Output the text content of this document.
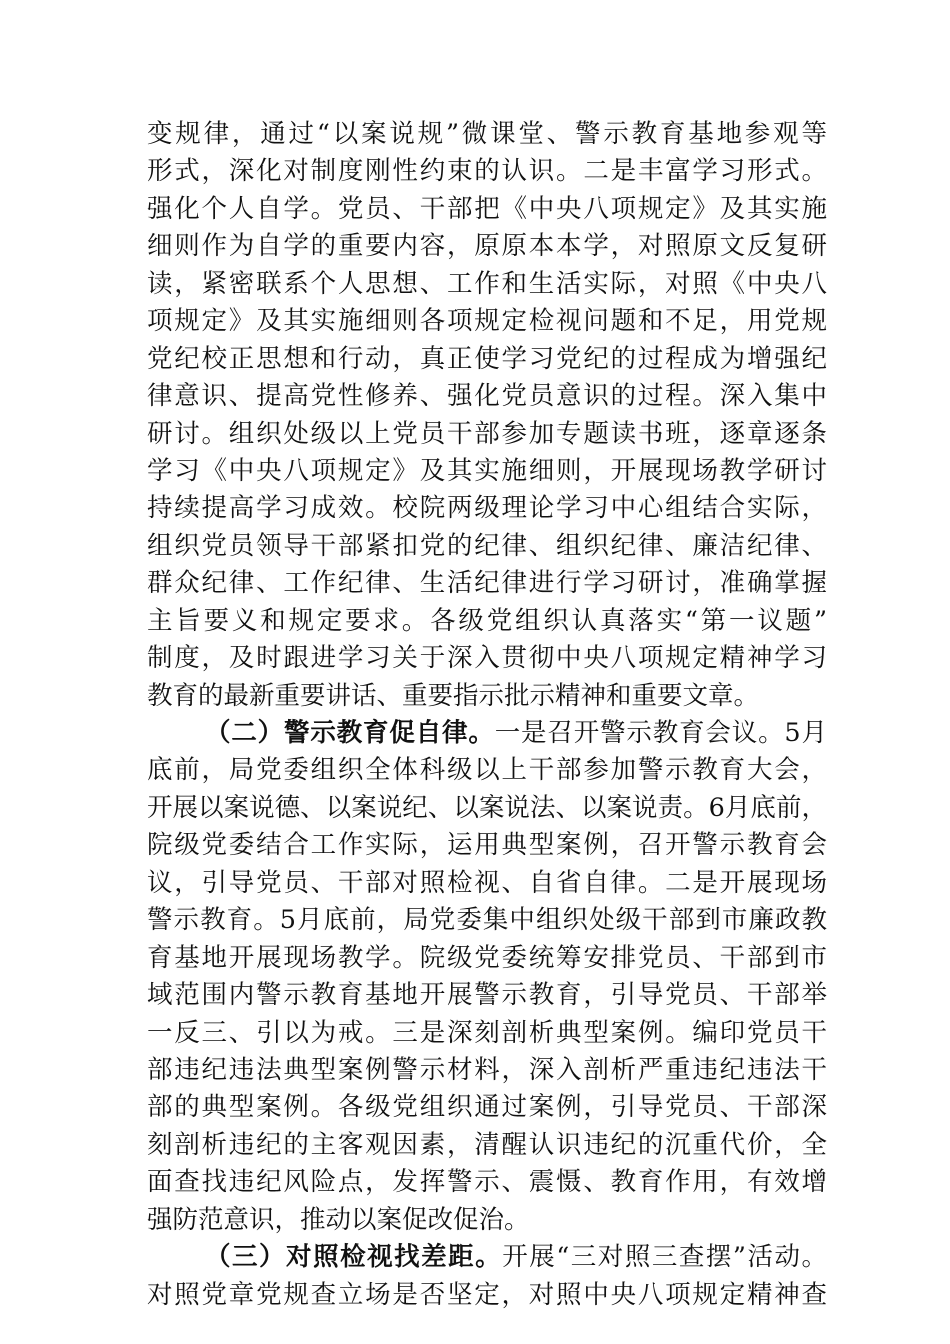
变规律，通过“以案说规”微课堂、警示教育基地参观等
形式，深化对制度刚性约束的认识。二是丰富学习形式。
强化个人自学。党员、干部把《中央八项规定》及其实施
细则作为自学的重要内容，原原本本学，对照原文反复研
读，紧密联系个人思想、工作和生活实际，对照《中央八
项规定》及其实施细则各项规定检视问题和不足，用党规
党纪校正思想和行动，真正使学习党纪的过程成为增强纪
律意识、提高党性修养、强化党员意识的过程。深入集中
研讨。组织处级以上党员干部参加专题读书班，逐章逐条
学习《中央八项规定》及其实施细则，开展现场教学研讨
持续提高学习成效。校院两级理论学习中心组结合实际，
组织党员领导干部紧扣党的纪律、组织纪律、廉洁纪律、
群众纪律、工作纪律、生活纪律进行学习研讨，准确掌握
主旨要义和规定要求。各级党组织认真落实“第一议题”
制度，及时跟进学习关于深入贯彻中央八项规定精神学习
教育的最新重要讲话、重要指示批示精神和重要文章。
（二）警示教育促自律。一是召开警示教育会议。5月
底前，局党委组织全体科级以上干部参加警示教育大会，
开展以案说德、以案说纪、以案说法、以案说责。6月底前，
院级党委结合工作实际，运用典型案例，召开警示教育会
议，引导党员、干部对照检视、自省自律。二是开展现场
警示教育。5月底前，局党委集中组织处级干部到市廉政教
育基地开展现场教学。院级党委统筹安排党员、干部到市
域范围内警示教育基地开展警示教育，引导党员、干部举
一反三、引以为戒。三是深刻剖析典型案例。编印党员干
部违纪违法典型案例警示材料，深入剖析严重违纪违法干
部的典型案例。各级党组织通过案例，引导党员、干部深
刻剖析违纪的主客观因素，清醒认识违纪的沉重代价，全
面查找违纪风险点，发挥警示、震慑、教育作用，有效增
强防范意识，推动以案促改促治。
（三）对照检视找差距。开展“三对照三查摆”活动。
对照党章党规查立场是否坚定，对照中央八项规定精神查
